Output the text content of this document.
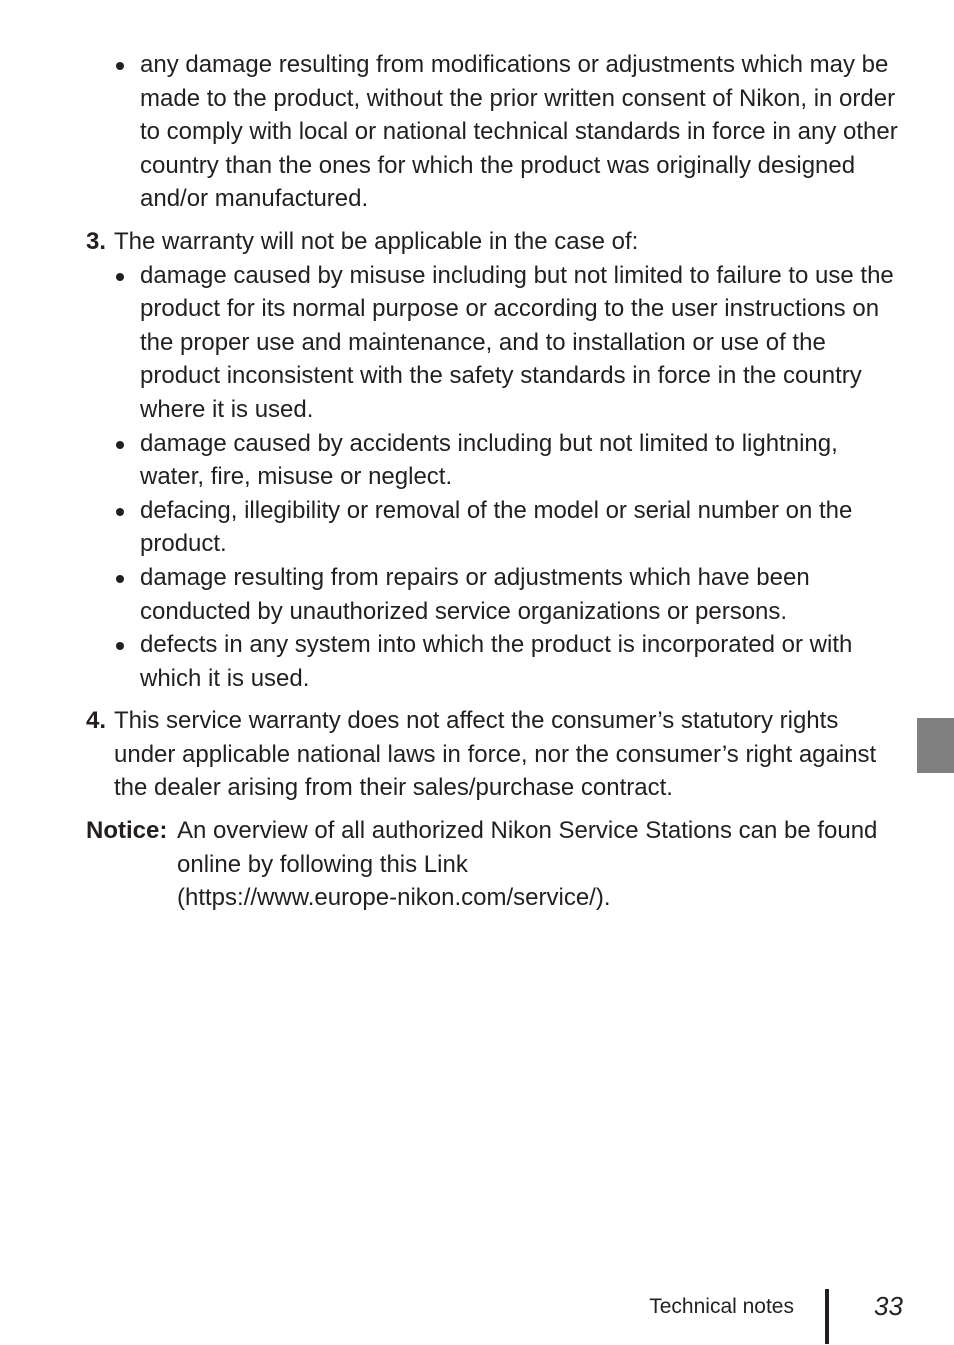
any damage resulting from modifications or adjustments which may be made to the product, without the prior written consent of Nikon, in order to comply with local or national technical standards in force in any other country than the ones for which the product was originally designed and/or manufactured.
3. The warranty will not be applicable in the case of:
damage caused by misuse including but not limited to failure to use the product for its normal purpose or according to the user instructions on the proper use and maintenance, and to installation or use of the product inconsistent with the safety standards in force in the country where it is used.
damage caused by accidents including but not limited to lightning, water, fire, misuse or neglect.
defacing, illegibility or removal of the model or serial number on the product.
damage resulting from repairs or adjustments which have been conducted by unauthorized service organizations or persons.
defects in any system into which the product is incorporated or with which it is used.
4. This service warranty does not affect the consumer’s statutory rights under applicable national laws in force, nor the consumer’s right against the dealer arising from their sales/purchase contract.
Notice: An overview of all authorized Nikon Service Stations can be found online by following this Link
(https://www.europe-nikon.com/service/).
Technical notes	33
